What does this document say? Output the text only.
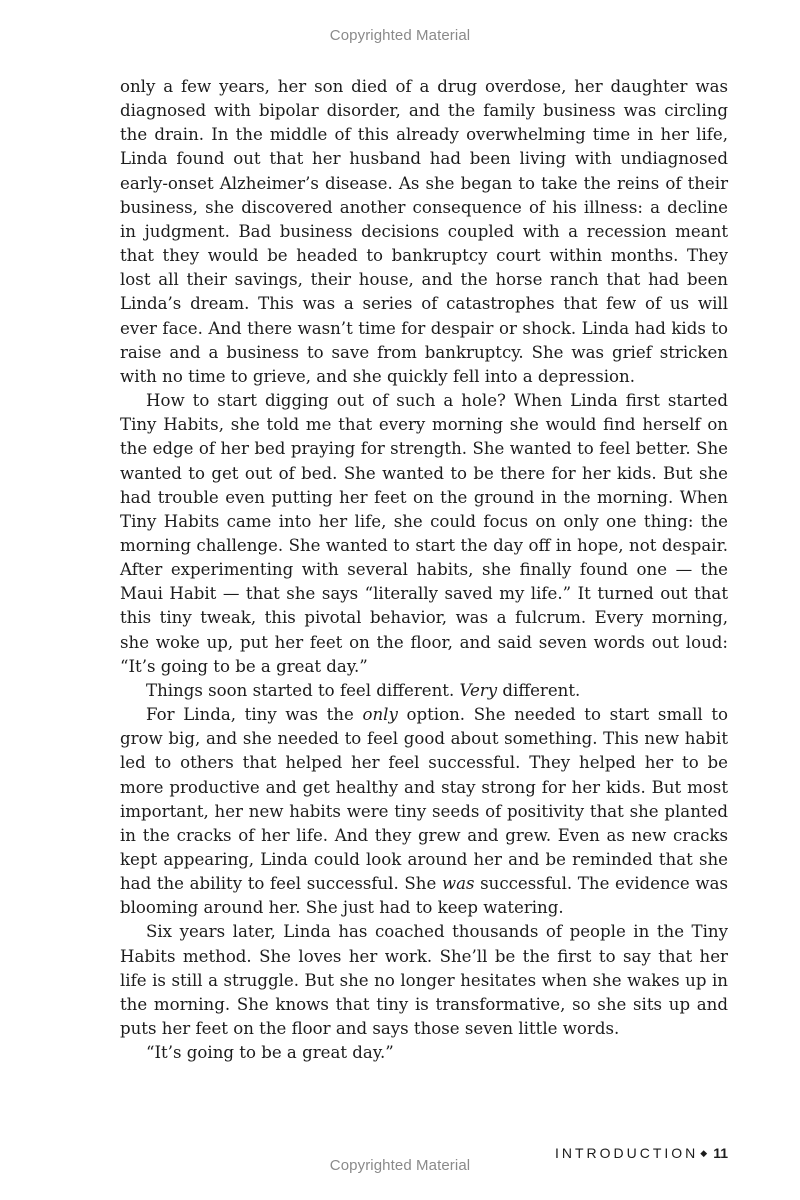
Copyrighted Material

only a few years, her son died of a drug overdose, her daughter was diagnosed with bipolar disorder, and the family business was circling the drain. In the middle of this already overwhelming time in her life, Linda found out that her husband had been living with undiagnosed early-onset Alzheimer’s disease. As she began to take the reins of their business, she discovered another consequence of his illness: a decline in judgment. Bad business decisions coupled with a recession meant that they would be headed to bankruptcy court within months. They lost all their savings, their house, and the horse ranch that had been Linda’s dream. This was a series of catastrophes that few of us will ever face. And there wasn’t time for despair or shock. Linda had kids to raise and a business to save from bankruptcy. She was grief stricken with no time to grieve, and she quickly fell into a depression.

How to start digging out of such a hole? When Linda first started Tiny Habits, she told me that every morning she would find herself on the edge of her bed praying for strength. She wanted to feel better. She wanted to get out of bed. She wanted to be there for her kids. But she had trouble even putting her feet on the ground in the morning. When Tiny Habits came into her life, she could focus on only one thing: the morning challenge. She wanted to start the day off in hope, not despair. After experimenting with several habits, she finally found one — the Maui Habit — that she says “literally saved my life.” It turned out that this tiny tweak, this pivotal behavior, was a fulcrum. Every morning, she woke up, put her feet on the floor, and said seven words out loud: “It’s going to be a great day.”

Things soon started to feel different. Very different.

For Linda, tiny was the only option. She needed to start small to grow big, and she needed to feel good about something. This new habit led to others that helped her feel successful. They helped her to be more productive and get healthy and stay strong for her kids. But most important, her new habits were tiny seeds of positivity that she planted in the cracks of her life. And they grew and grew. Even as new cracks kept appearing, Linda could look around her and be reminded that she had the ability to feel successful. She was successful. The evidence was blooming around her. She just had to keep watering.

Six years later, Linda has coached thousands of people in the Tiny Habits method. She loves her work. She’ll be the first to say that her life is still a struggle. But she no longer hesitates when she wakes up in the morning. She knows that tiny is transformative, so she sits up and puts her feet on the floor and says those seven little words.

“It’s going to be a great day.”

INTRODUCTION ◆ 11
Copyrighted Material
